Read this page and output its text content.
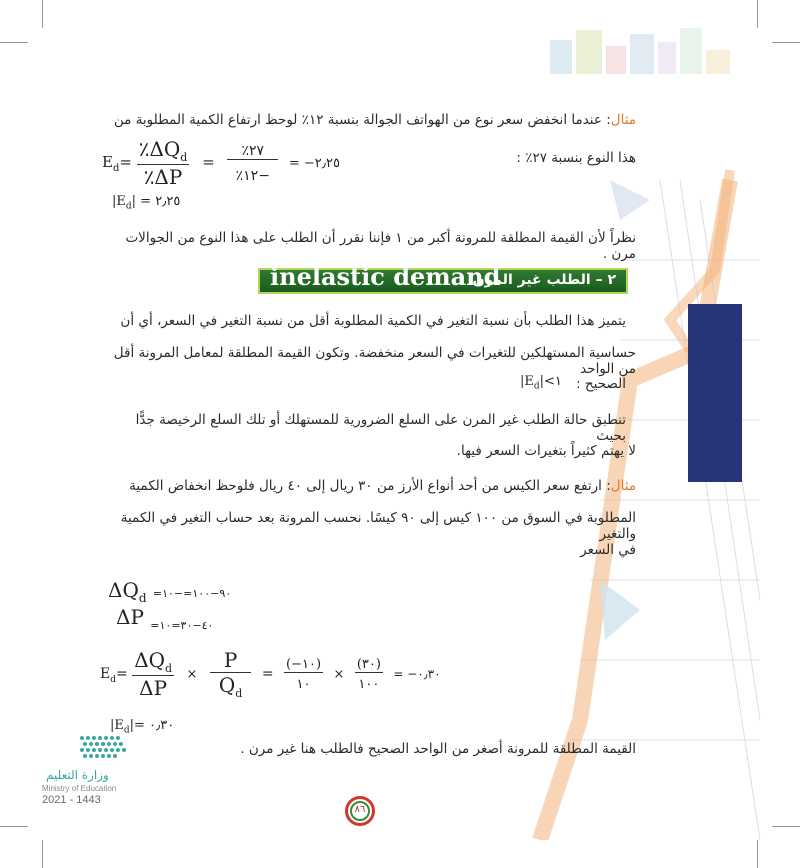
مثال: عندما انخفض سعر نوع من الهواتف الجوالة بنسبة ١٢٪ لوحظ ارتفاع الكمية المطلوبة من
هذا النوع بنسبة ٢٧٪ :
$E_d= \frac{٪\Delta Q_d}{٪\Delta P} = \frac{٪٢٧}{٪١٢-}$ = −٢٫٢٥
$|E_d|$ = ٢٫٢٥
نظراً لأن القيمة المطلقة للمرونة أكبر من ١ فإننا نقرر أن الطلب على هذا النوع من الجوالات مرن .
inelastic demand
٢ – الطلب غير المرن
يتميز هذا الطلب بأن نسبة التغير في الكمية المطلوبة أقل من نسبة التغير في السعر، أي أن
حساسية المستهلكين للتغيرات في السعر منخفضة. وتكون القيمة المطلقة لمعامل المرونة أقل من الواحد
الصحيح :
$|E_d|<١$
تنطبق حالة الطلب غير المرن على السلع الضرورية للمستهلك أو تلك السلع الرخيصة جدًّا بحيث
لا يهتم كثيراً بتغيرات السعر فيها.
مثال: ارتفع سعر الكيس من أحد أنواع الأرز من ٣٠ ريال إلى ٤٠ ريال فلوحظ انخفاض الكمية
المطلوبة في السوق من ١٠٠ كيس إلى ٩٠ كيسًا. نحسب المرونة بعد حساب التغير في الكمية والتغير
في السعر
$\Delta Q_d$ =٩٠−١٠٠=−١٠
ΔP $_{=٤٠-٣٠=١٠}$
$E_d= \frac{\Delta Q_d}{\Delta P} \times \frac{P}{Q_d} = \frac{(-١٠)}{١٠} \times \frac{(٣٠)}{١٠٠}$ = −٠٫٣٠
$|E_d|=$ ٠٫٣٠
القيمة المطلقة للمرونة أصغر من الواحد الصحيح فالطلب هنا غير مرن .
وزارة التعليم
Ministry of Education
2021 - 1443
٨٦
